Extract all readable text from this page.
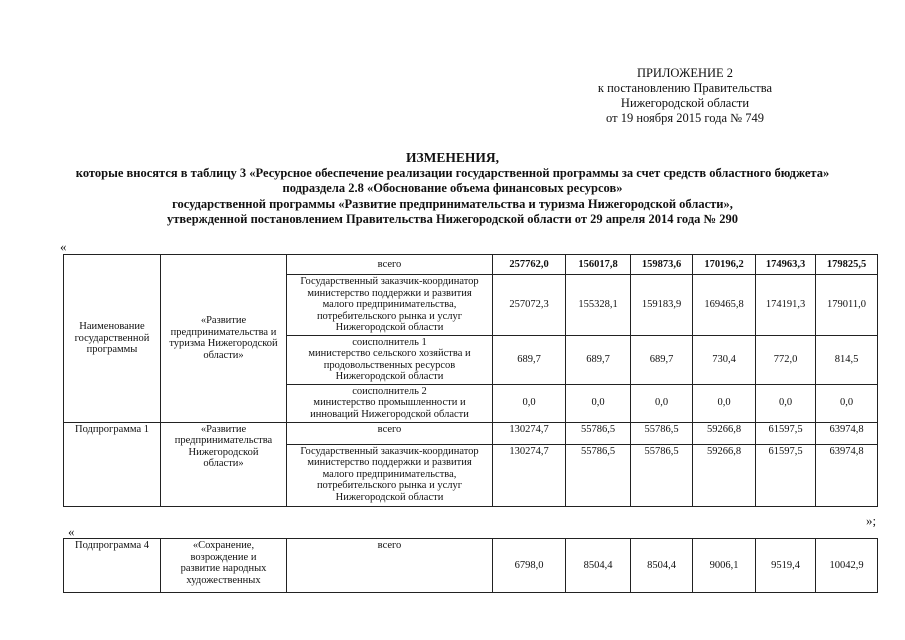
ПРИЛОЖЕНИЕ 2
к постановлению Правительства
Нижегородской области
от 19 ноября 2015 года № 749
ИЗМЕНЕНИЯ,
которые вносятся в таблицу 3 «Ресурсное обеспечение реализации государственной программы за счет средств областного бюджета»
подраздела 2.8 «Обоснование объема финансовых ресурсов»
государственной программы «Развитие предпринимательства и туризма Нижегородской области»,
утвержденной постановлением Правительства Нижегородской области от 29 апреля 2014 года № 290
«
Наименование государственной программы	«Развитие предпринимательства и туризма Нижегородской области»	всего	257762,0	156017,8	159873,6	170196,2	174963,3	179825,5
		Государственный заказчик-координатор
министерство поддержки и развития
малого предпринимательства,
потребительского рынка и услуг
Нижегородской области	257072,3	155328,1	159183,9	169465,8	174191,3	179011,0
		соисполнитель 1
министерство сельского хозяйства и
продовольственных ресурсов
Нижегородской области	689,7	689,7	689,7	730,4	772,0	814,5
		соисполнитель 2
министерство промышленности и
инноваций Нижегородской области	0,0	0,0	0,0	0,0	0,0	0,0
Подпрограмма 1	«Развитие
предпринимательства
Нижегородской
области»	всего	130274,7	55786,5	55786,5	59266,8	61597,5	63974,8
		Государственный заказчик-координатор
министерство поддержки и развития
малого предпринимательства,
потребительского рынка и услуг
Нижегородской области	130274,7	55786,5	55786,5	59266,8	61597,5	63974,8
»;
«
Подпрограмма 4	«Сохранение,
возрождение и
развитие народных
художественных	всего	6798,0	8504,4	8504,4	9006,1	9519,4	10042,9
